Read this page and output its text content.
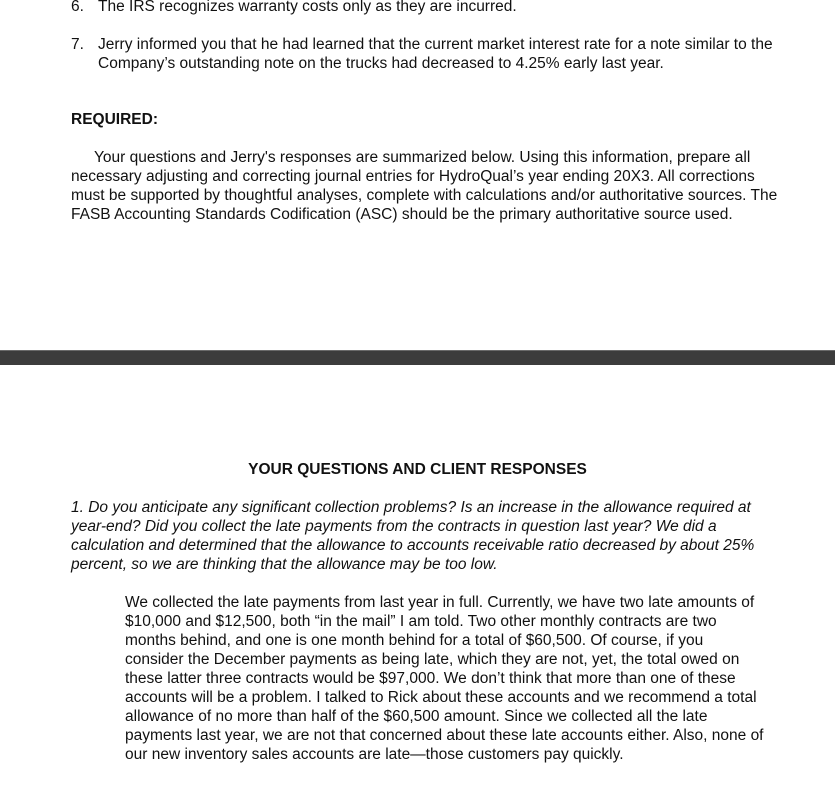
6. The IRS recognizes warranty costs only as they are incurred.
7. Jerry informed you that he had learned that the current market interest rate for a note similar to the Company’s outstanding note on the trucks had decreased to 4.25% early last year.
REQUIRED:
Your questions and Jerry's responses are summarized below. Using this information, prepare all necessary adjusting and correcting journal entries for HydroQual’s year ending 20X3. All corrections must be supported by thoughtful analyses, complete with calculations and/or authoritative sources. The FASB Accounting Standards Codification (ASC) should be the primary authoritative source used.
YOUR QUESTIONS AND CLIENT RESPONSES
1. Do you anticipate any significant collection problems? Is an increase in the allowance required at year-end? Did you collect the late payments from the contracts in question last year? We did a calculation and determined that the allowance to accounts receivable ratio decreased by about 25% percent, so we are thinking that the allowance may be too low.
We collected the late payments from last year in full. Currently, we have two late amounts of $10,000 and $12,500, both “in the mail” I am told. Two other monthly contracts are two months behind, and one is one month behind for a total of $60,500. Of course, if you consider the December payments as being late, which they are not, yet, the total owed on these latter three contracts would be $97,000. We don’t think that more than one of these accounts will be a problem. I talked to Rick about these accounts and we recommend a total allowance of no more than half of the $60,500 amount. Since we collected all the late payments last year, we are not that concerned about these late accounts either. Also, none of our new inventory sales accounts are late—those customers pay quickly.
